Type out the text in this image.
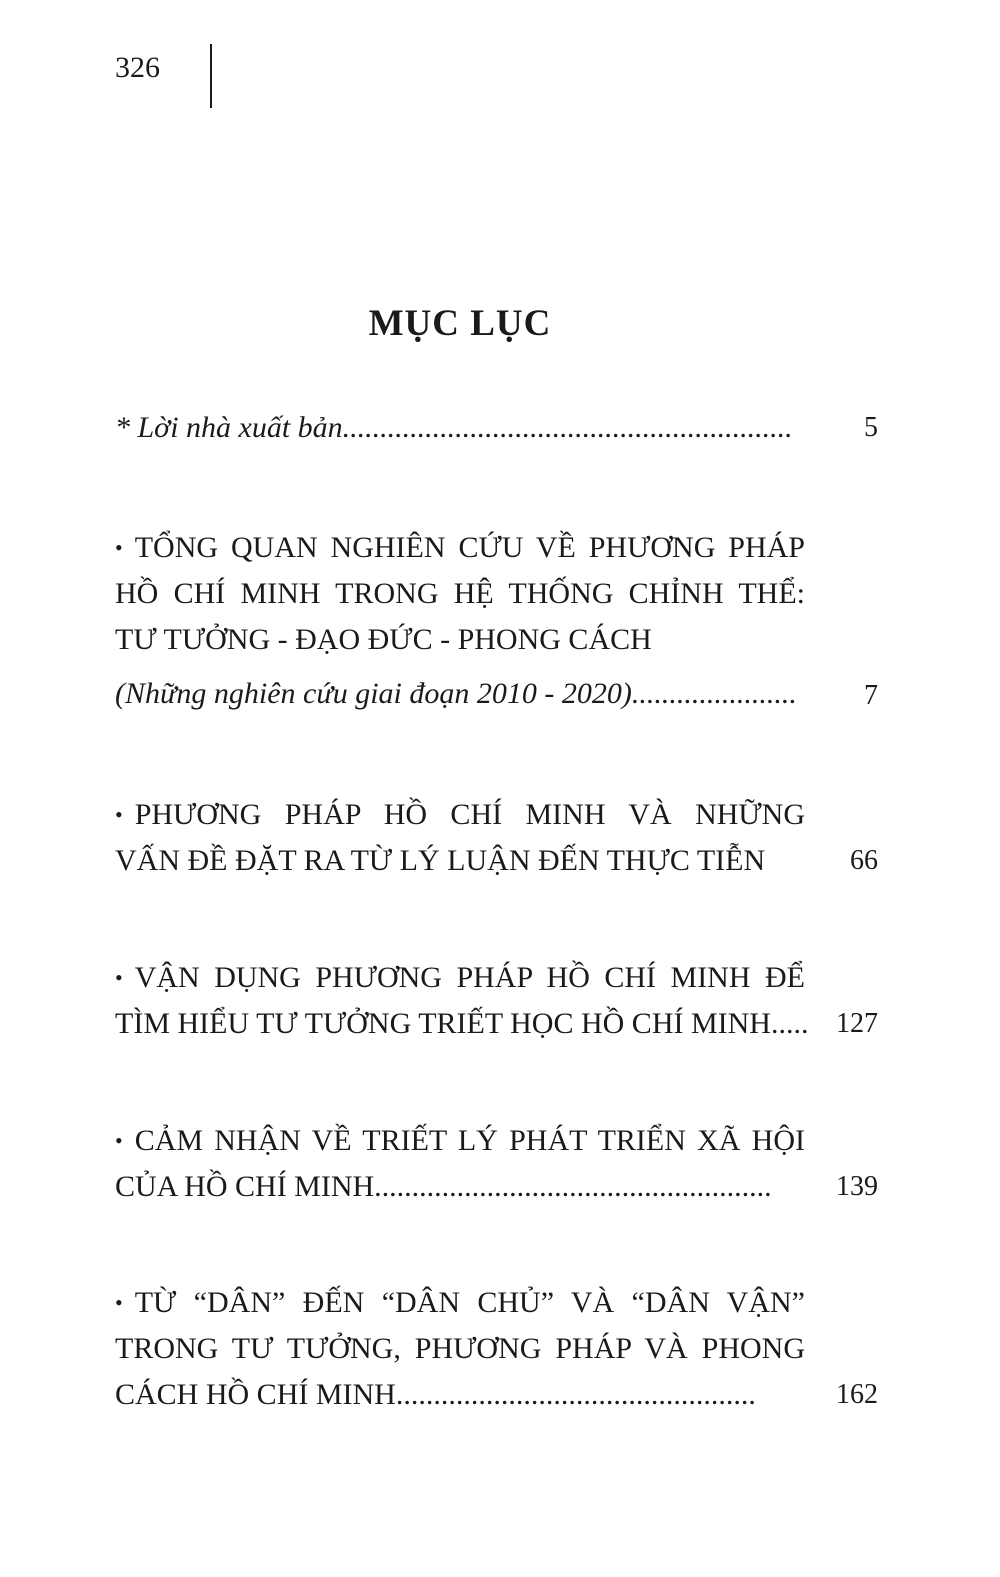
326
MỤC LỤC
* Lời nhà xuất bản............................................................	5
• TỔNG QUAN NGHIÊN CỨU VỀ PHƯƠNG PHÁP
HỒ CHÍ MINH TRONG HỆ THỐNG CHỈNH THỂ:
TƯ TƯỞNG - ĐẠO ĐỨC - PHONG CÁCH
(Những nghiên cứu giai đoạn 2010 - 2020)...................... 7
• PHƯƠNG PHÁP HỒ CHÍ MINH VÀ NHỮNG
VẤN ĐỀ ĐẶT RA TỪ LÝ LUẬN ĐẾN THỰC TIỄN	66
• VẬN DỤNG PHƯƠNG PHÁP HỒ CHÍ MINH ĐỂ
TÌM HIỂU TƯ TƯỞNG TRIẾT HỌC HỒ CHÍ MINH..... 127
• CẢM NHẬN VỀ TRIẾT LÝ PHÁT TRIỂN XÃ HỘI
CỦA HỒ CHÍ MINH.....................................................	139
• TỪ “DÂN” ĐẾN “DÂN CHỦ” VÀ “DÂN VẬN”
TRONG TƯ TƯỞNG, PHƯƠNG PHÁP VÀ PHONG
CÁCH HỒ CHÍ MINH................................................	162
